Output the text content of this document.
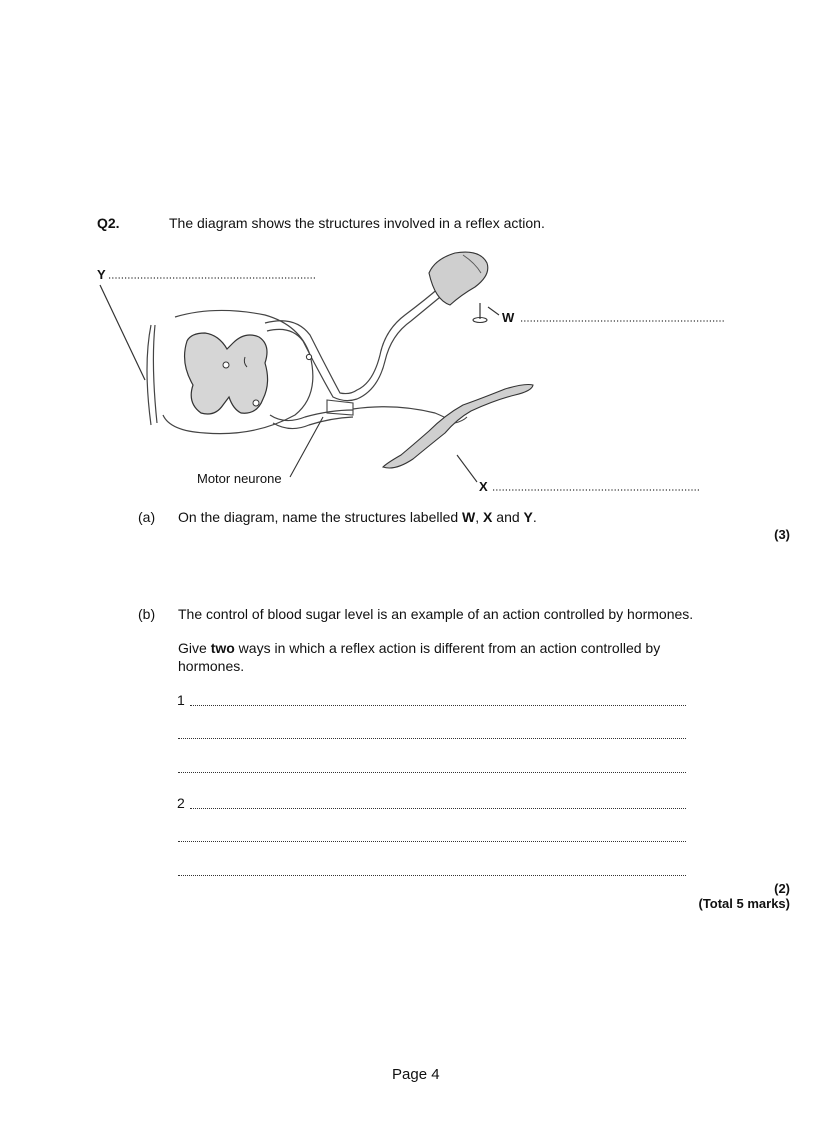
Q2.	The diagram shows the structures involved in a reflex action.
Y
Motor neurone
W
X
(a) On the diagram, name the structures labelled W, X and Y.
(3)
(b) The control of blood sugar level is an example of an action controlled by hormones.
Give two ways in which a reflex action is different from an action controlled by
hormones.
1
2
(2)
(Total 5 marks)
Page 4
